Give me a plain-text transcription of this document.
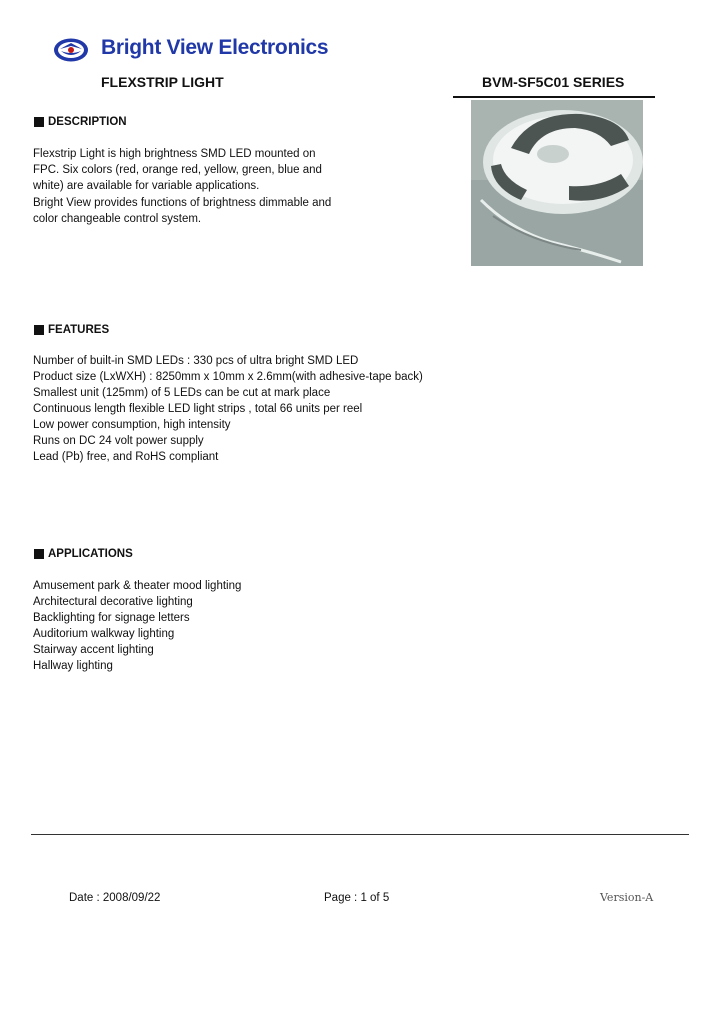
Bright View Electronics
FLEXSTRIP LIGHT	BVM-SF5C01 SERIES
DESCRIPTION
Flexstrip Light is high brightness SMD LED mounted on FPC. Six colors (red, orange red, yellow, green, blue and white) are available for variable applications.
Bright View provides functions of brightness dimmable and color changeable control system.
FEATURES
Number of built-in SMD LEDs : 330 pcs of ultra bright SMD LED
Product size (LxWXH) : 8250mm x 10mm x 2.6mm(with adhesive-tape back)
Smallest unit (125mm) of 5 LEDs can be cut at mark place
Continuous length flexible LED light strips , total 66 units per reel
Low power consumption, high intensity
Runs on DC 24 volt power supply
Lead (Pb) free, and RoHS compliant
APPLICATIONS
Amusement park & theater mood lighting
Architectural decorative lighting
Backlighting for signage letters
Auditorium walkway lighting
Stairway accent lighting
Hallway lighting
Date : 2008/09/22	Page : 1 of 5	Version-A
